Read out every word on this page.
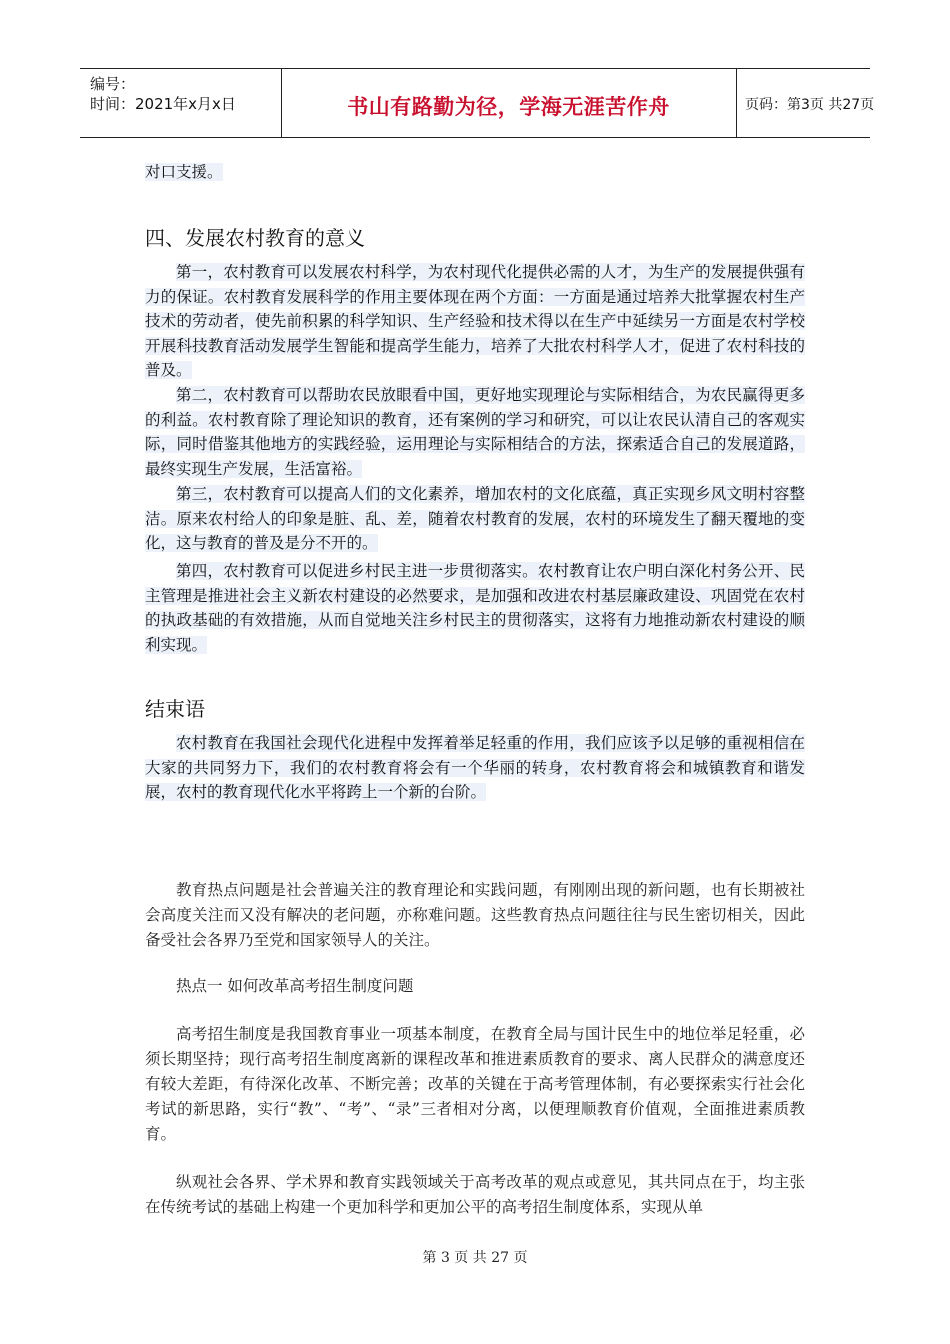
编号：
时间：2021年x月x日	书山有路勤为径，学海无涯苦作舟	页码：第3页 共27页
对口支援。
四、发展农村教育的意义
第一，农村教育可以发展农村科学，为农村现代化提供必需的人才，为生产的发展提供强有力的保证。农村教育发展科学的作用主要体现在两个方面：一方面是通过培养大批掌握农村生产技术的劳动者，使先前积累的科学知识、生产经验和技术得以在生产中延续另一方面是农村学校开展科技教育活动发展学生智能和提高学生能力，培养了大批农村科学人才，促进了农村科技的普及。
第二，农村教育可以帮助农民放眼看中国，更好地实现理论与实际相结合，为农民赢得更多的利益。农村教育除了理论知识的教育，还有案例的学习和研究，可以让农民认清自己的客观实际，同时借鉴其他地方的实践经验，运用理论与实际相结合的方法，探索适合自己的发展道路，最终实现生产发展，生活富裕。
第三，农村教育可以提高人们的文化素养，增加农村的文化底蕴，真正实现乡风文明村容整洁。原来农村给人的印象是脏、乱、差，随着农村教育的发展，农村的环境发生了翻天覆地的变化，这与教育的普及是分不开的。
第四，农村教育可以促进乡村民主进一步贯彻落实。农村教育让农户明白深化村务公开、民主管理是推进社会主义新农村建设的必然要求，是加强和改进农村基层廉政建设、巩固党在农村的执政基础的有效措施，从而自觉地关注乡村民主的贯彻落实，这将有力地推动新农村建设的顺利实现。
结束语
农村教育在我国社会现代化进程中发挥着举足轻重的作用，我们应该予以足够的重视相信在大家的共同努力下，我们的农村教育将会有一个华丽的转身，农村教育将会和城镇教育和谐发展，农村的教育现代化水平将跨上一个新的台阶。
教育热点问题是社会普遍关注的教育理论和实践问题，有刚刚出现的新问题，也有长期被社会高度关注而又没有解决的老问题，亦称难问题。这些教育热点问题往往与民生密切相关，因此备受社会各界乃至党和国家领导人的关注。
热点一 如何改革高考招生制度问题
高考招生制度是我国教育事业一项基本制度，在教育全局与国计民生中的地位举足轻重，必须长期坚持；现行高考招生制度离新的课程改革和推进素质教育的要求、离人民群众的满意度还有较大差距，有待深化改革、不断完善；改革的关键在于高考管理体制，有必要探索实行社会化考试的新思路，实行“教”、“考”、“录”三者相对分离，以便理顺教育价值观，全面推进素质教育。
纵观社会各界、学术界和教育实践领域关于高考改革的观点或意见，其共同点在于，均主张在传统考试的基础上构建一个更加科学和更加公平的高考招生制度体系，实现从单
第 3 页 共 27 页
